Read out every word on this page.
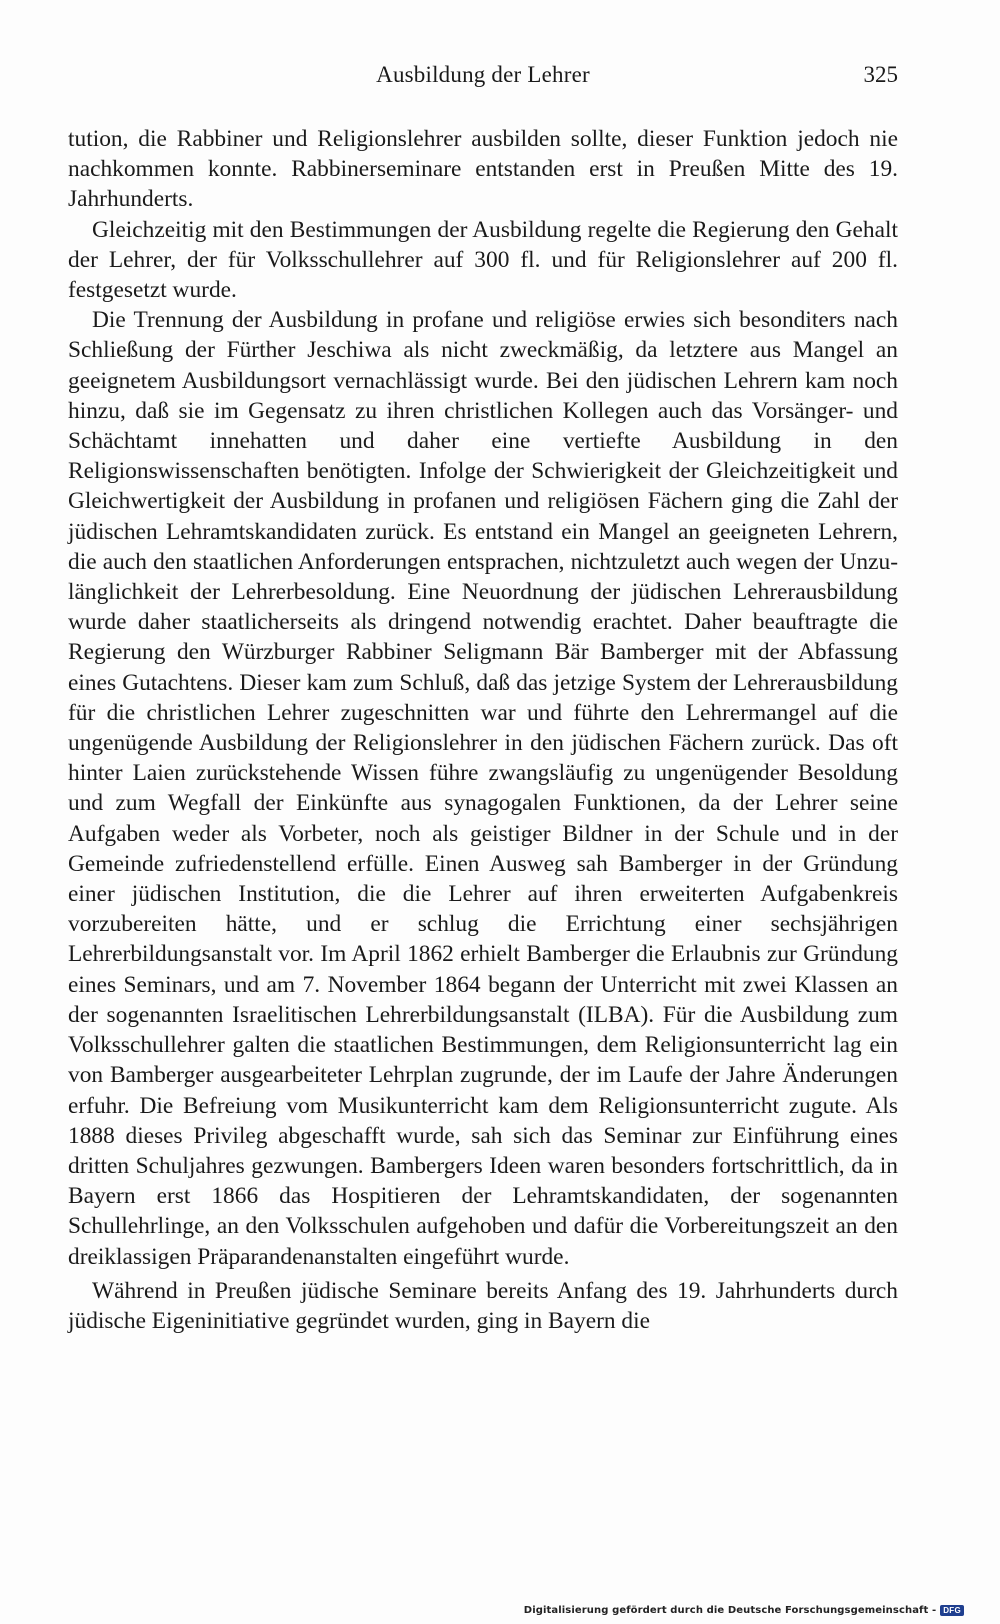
Ausbildung der Lehrer	325

tution, die Rabbiner und Religionslehrer ausbilden sollte, dieser Funktion jedoch nie nachkommen konnte. Rabbinerseminare entstanden erst in Preußen Mitte des 19. Jahrhunderts.

Gleichzeitig mit den Bestimmungen der Ausbildung regelte die Regierung den Gehalt der Lehrer, der für Volksschullehrer auf 300 fl. und für Religionslehrer auf 200 fl. festgesetzt wurde.

Die Trennung der Ausbildung in profane und religiöse erwies sich besonditers nach Schließung der Fürther Jeschiwa als nicht zweckmäßig, da letztere aus Mangel an geeignetem Ausbildungsort vernachlässigt wurde. Bei den jüdischen Lehrern kam noch hinzu, daß sie im Gegensatz zu ihren christlichen Kollegen auch das Vorsänger- und Schächtamt innehatten und daher eine vertiefte Ausbildung in den Religionswissenschaften benötigten. Infolge der Schwierigkeit der Gleichzeitigkeit und Gleichwertigkeit der Ausbildung in profanen und religiösen Fächern ging die Zahl der jüdischen Lehramtskandidaten zurück. Es entstand ein Mangel an geeigneten Lehrern, die auch den staatlichen Anforderungen entsprachen, nichtzuletzt auch wegen der Unzulänglichkeit der Lehrerbesoldung. Eine Neuordnung der jüdischen Lehrerausbildung wurde daher staatlicherseits als dringend notwendig erachtet. Daher beauftragte die Regierung den Würzburger Rabbiner Seligmann Bär Bamberger mit der Abfassung eines Gutachtens. Dieser kam zum Schluß, daß das jetzige System der Lehrerausbildung für die christlichen Lehrer zugeschnitten war und führte den Lehrermangel auf die ungenügende Ausbildung der Religionslehrer in den jüdischen Fächern zurück. Das oft hinter Laien zurückstehende Wissen führe zwangsläufig zu ungenügender Besoldung und zum Wegfall der Einkünfte aus synagogalen Funktionen, da der Lehrer seine Aufgaben weder als Vorbeter, noch als geistiger Bildner in der Schule und in der Gemeinde zufriedenstellend erfülle. Einen Ausweg sah Bamberger in der Gründung einer jüdischen Institution, die die Lehrer auf ihren erweiterten Aufgabenkreis vorzubereiten hätte, und er schlug die Errichtung einer sechsjährigen Lehrerbildungsanstalt vor. Im April 1862 erhielt Bamberger die Erlaubnis zur Gründung eines Seminars, und am 7. November 1864 begann der Unterricht mit zwei Klassen an der sogenannten Israelitischen Lehrerbildungsanstalt (ILBA). Für die Ausbildung zum Volksschullehrer galten die staatlichen Bestimmungen, dem Religionsunterricht lag ein von Bamberger ausgearbeiteter Lehrplan zugrunde, der im Laufe der Jahre Änderungen erfuhr. Die Befreiung vom Musikunterricht kam dem Religionsunterricht zugute. Als 1888 dieses Privileg abgeschafft wurde, sah sich das Seminar zur Einführung eines dritten Schuljahres gezwungen. Bambergers Ideen waren besonders fortschrittlich, da in Bayern erst 1866 das Hospitieren der Lehramtskandidaten, der sogenannten Schullehrlinge, an den Volksschulen aufgehoben und dafür die Vorbereitungszeit an den dreiklassigen Präparandenanstalten eingeführt wurde.

Während in Preußen jüdische Seminare bereits Anfang des 19. Jahrhunderts durch jüdische Eigeninitiative gegründet wurden, ging in Bayern die

Digitalisierung gefördert durch die Deutsche Forschungsgemeinschaft - DFG
